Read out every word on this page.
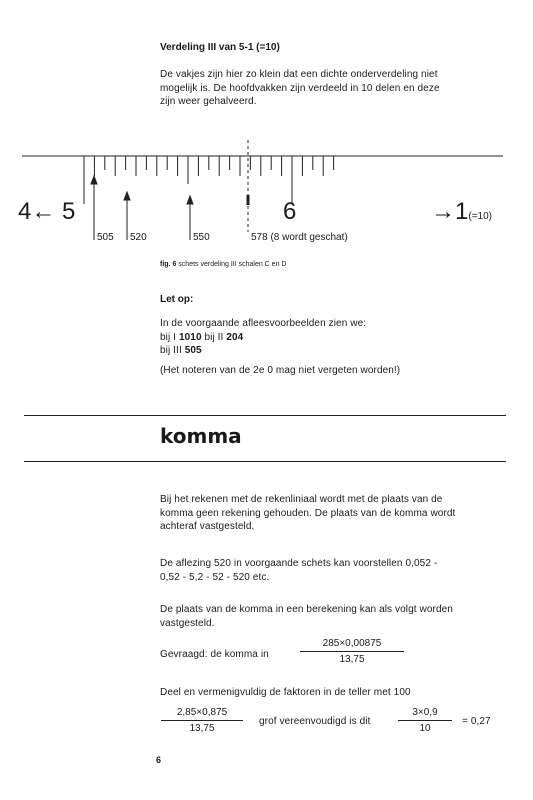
Verdeling III van 5-1 (=10)
De vakjes zijn hier zo klein dat een dichte onderverdeling niet
mogelijk is. De hoofdvakken zijn verdeeld in 10 delen en deze
zijn weer gehalveerd.
4← 5	6	→1(=10)
505 520	550	578 (8 wordt geschat)
fig. 6 schets verdeling III schalen C en D
Let op:
In de voorgaande afleesvoorbeelden zien we:
bij I 1010 bij II 204
bij III 505
(Het noteren van de 2e 0 mag niet vergeten worden!)
komma
Bij het rekenen met de rekenliniaal wordt met de plaats van de
komma geen rekening gehouden. De plaats van de komma wordt
achteraf vastgesteld.
De aflezing 520 in voorgaande schets kan voorstellen 0,052 -
0,52 - 5,2 - 52 - 520 etc.
De plaats van de komma in een berekening kan als volgt worden
vastgesteld.
Gevraagd: de komma in
285×0,00875
13,75
Deel en vermenigvuldig de faktoren in de teller met 100
2,85×0,875
13,75
grof vereenvoudigd is dit
3×0,9
10
= 0,27
6
